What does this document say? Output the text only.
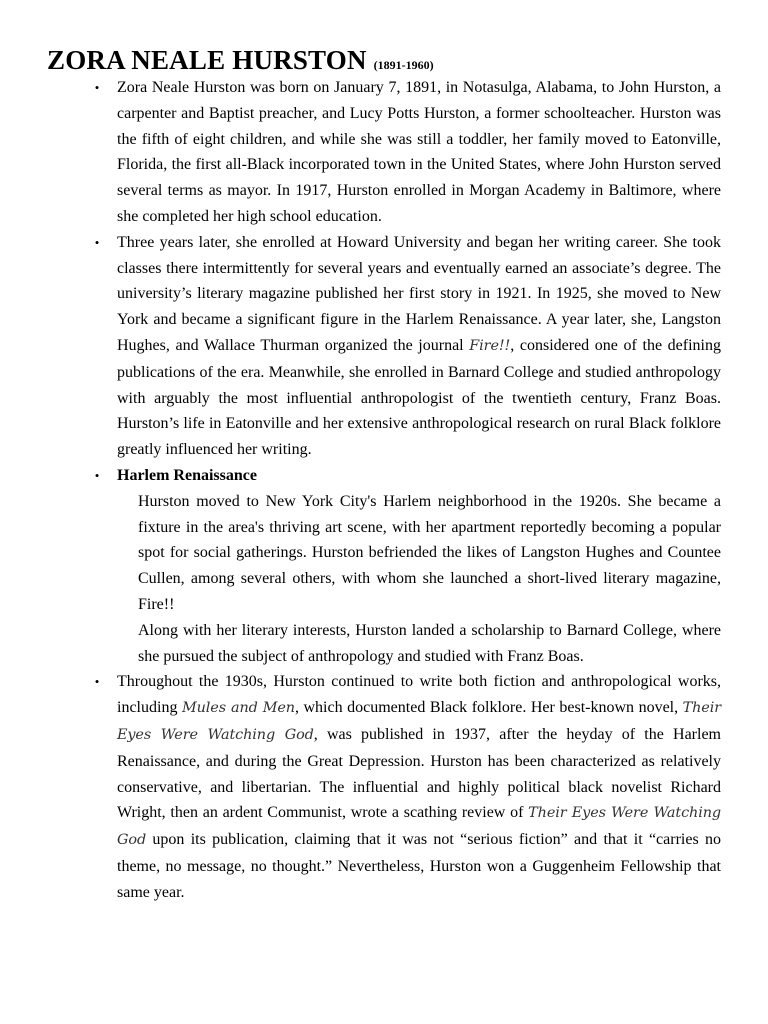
ZORA NEALE HURSTON (1891-1960)
• Zora Neale Hurston was born on January 7, 1891, in Notasulga, Alabama, to John Hurston, a carpenter and Baptist preacher, and Lucy Potts Hurston, a former schoolteacher. Hurston was the fifth of eight children, and while she was still a toddler, her family moved to Eatonville, Florida, the first all-Black incorporated town in the United States, where John Hurston served several terms as mayor. In 1917, Hurston enrolled in Morgan Academy in Baltimore, where she completed her high school education.
• Three years later, she enrolled at Howard University and began her writing career. She took classes there intermittently for several years and eventually earned an associate’s degree. The university’s literary magazine published her first story in 1921. In 1925, she moved to New York and became a significant figure in the Harlem Renaissance. A year later, she, Langston Hughes, and Wallace Thurman organized the journal Fire!!, considered one of the defining publications of the era. Meanwhile, she enrolled in Barnard College and studied anthropology with arguably the most influential anthropologist of the twentieth century, Franz Boas. Hurston’s life in Eatonville and her extensive anthropological research on rural Black folklore greatly influenced her writing.
• Harlem Renaissance
Hurston moved to New York City's Harlem neighborhood in the 1920s. She became a fixture in the area's thriving art scene, with her apartment reportedly becoming a popular spot for social gatherings. Hurston befriended the likes of Langston Hughes and Countee Cullen, among several others, with whom she launched a short-lived literary magazine, Fire!!
Along with her literary interests, Hurston landed a scholarship to Barnard College, where she pursued the subject of anthropology and studied with Franz Boas.
• Throughout the 1930s, Hurston continued to write both fiction and anthropological works, including Mules and Men, which documented Black folklore. Her best-known novel, Their Eyes Were Watching God, was published in 1937, after the heyday of the Harlem Renaissance, and during the Great Depression. Hurston has been characterized as relatively conservative, and libertarian. The influential and highly political black novelist Richard Wright, then an ardent Communist, wrote a scathing review of Their Eyes Were Watching God upon its publication, claiming that it was not “serious fiction” and that it “carries no theme, no message, no thought.” Nevertheless, Hurston won a Guggenheim Fellowship that same year.
